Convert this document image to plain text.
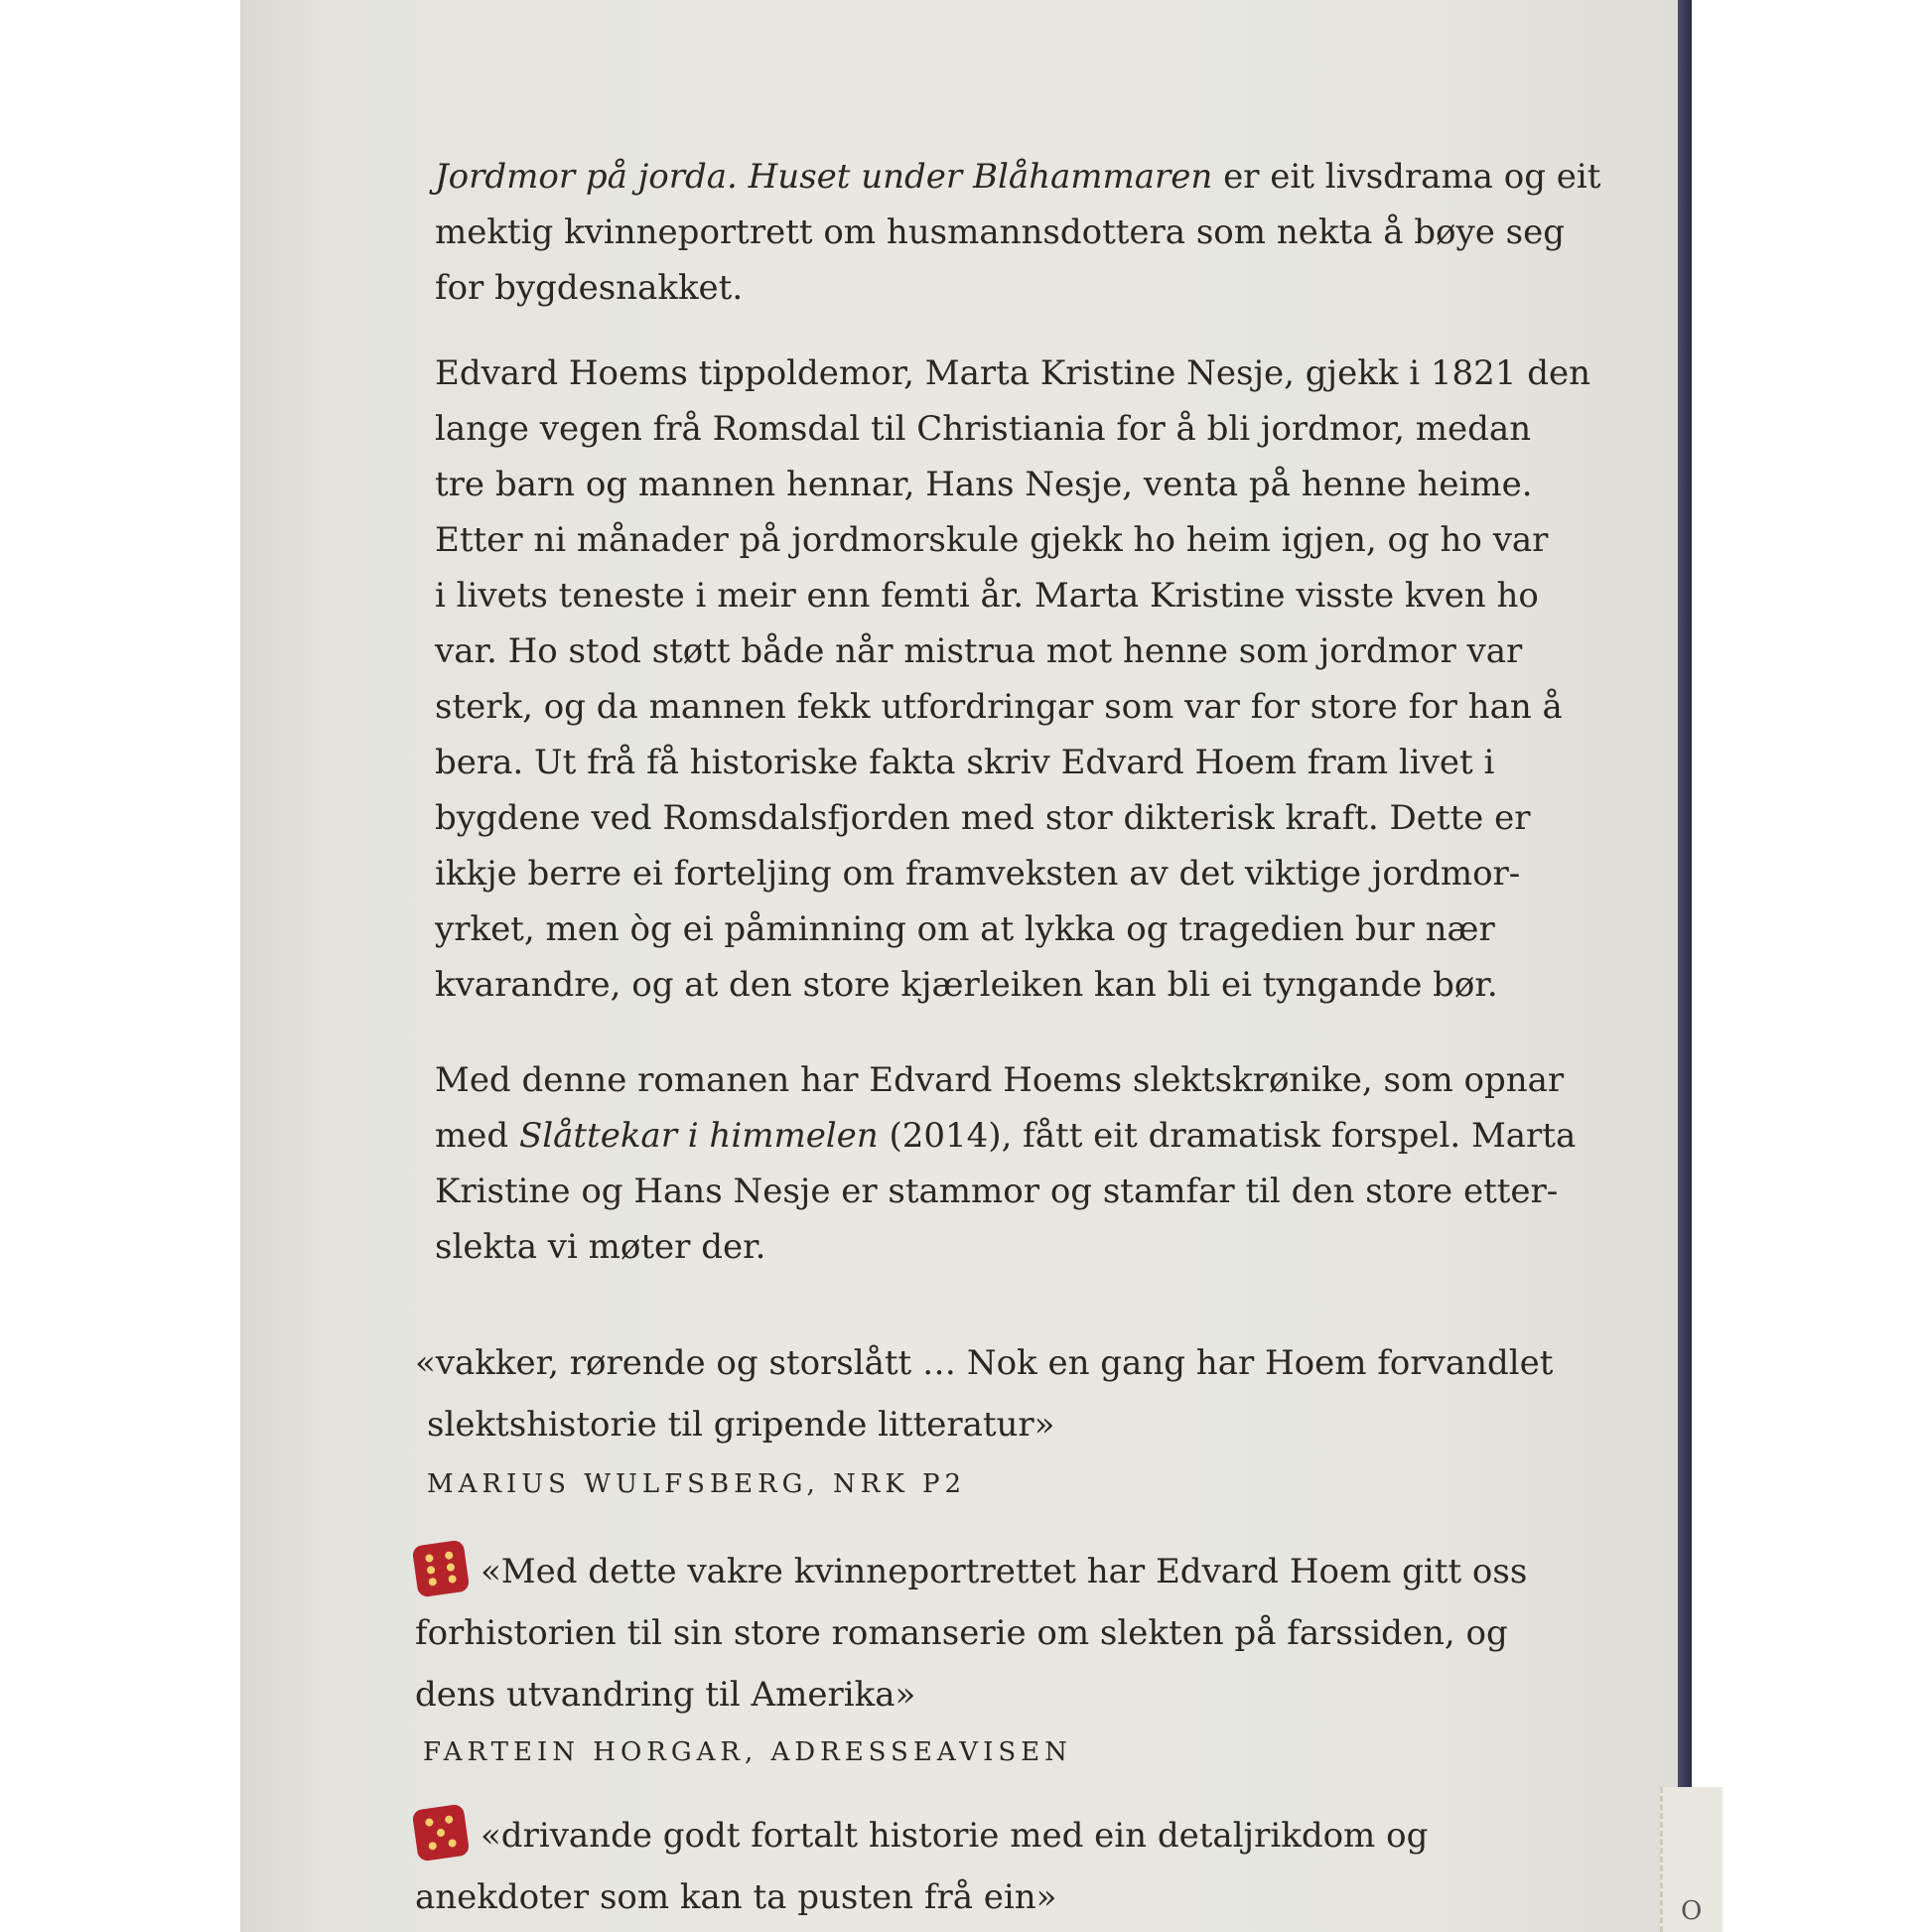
O
Jordmor på jorda. Huset under Blåhammaren er eit livsdrama og eit
mektig kvinneportrett om husmannsdottera som nekta å bøye seg
for bygdesnakket.
Edvard Hoems tippoldemor, Marta Kristine Nesje, gjekk i 1821 den
lange vegen frå Romsdal til Christiania for å bli jordmor, medan
tre barn og mannen hennar, Hans Nesje, venta på henne heime.
Etter ni månader på jordmorskule gjekk ho heim igjen, og ho var
i livets teneste i meir enn femti år. Marta Kristine visste kven ho
var. Ho stod støtt både når mistrua mot henne som jordmor var
sterk, og da mannen fekk utfordringar som var for store for han å
bera. Ut frå få historiske fakta skriv Edvard Hoem fram livet i
bygdene ved Romsdalsfjorden med stor dikterisk kraft. Dette er
ikkje berre ei forteljing om framveksten av det viktige jordmor-
yrket, men òg ei påminning om at lykka og tragedien bur nær
kvarandre, og at den store kjærleiken kan bli ei tyngande bør.
Med denne romanen har Edvard Hoems slektskrønike, som opnar
med Slåttekar i himmelen (2014), fått eit dramatisk forspel. Marta
Kristine og Hans Nesje er stammor og stamfar til den store etter-
slekta vi møter der.
«vakker, rørende og storslått … Nok en gang har Hoem forvandlet
slektshistorie til gripende litteratur»
MARIUS WULFSBERG, NRK P2
«Med dette vakre kvinneportrettet har Edvard Hoem gitt oss
forhistorien til sin store romanserie om slekten på farssiden, og
dens utvandring til Amerika»
FARTEIN HORGAR, ADRESSEAVISEN
«drivande godt fortalt historie med ein detaljrikdom og
anekdoter som kan ta pusten frå ein»
